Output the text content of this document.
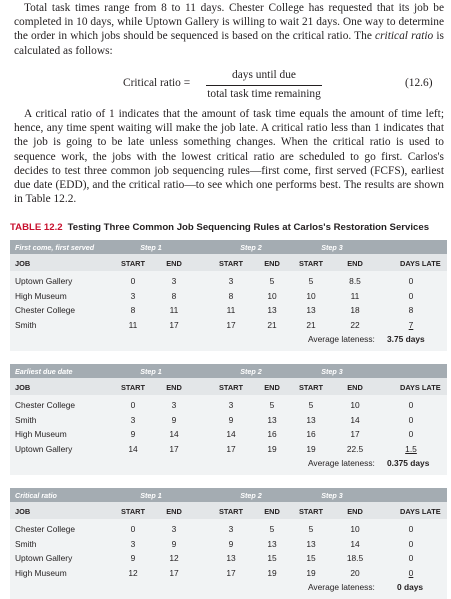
Total task times range from 8 to 11 days. Chester College has requested that its job be completed in 10 days, while Uptown Gallery is willing to wait 21 days. One way to determine the order in which jobs should be sequenced is based on the critical ratio. The critical ratio is calculated as follows:

Critical ratio =
days until due
total task time remaining
(12.6)

A critical ratio of 1 indicates that the amount of task time equals the amount of time left; hence, any time spent waiting will make the job late. A critical ratio less than 1 indicates that the job is going to be late unless something changes. When the critical ratio is used to sequence work, the jobs with the lowest critical ratio are scheduled to go first. Carlos's decides to test three common job sequencing rules—first come, first served (FCFS), earliest due date (EDD), and the critical ratio—to see which one performs best. The results are shown in Table 12.2.

TABLE 12.2 Testing Three Common Job Sequencing Rules at Carlos's Restoration Services
First come, first served	Step 1	Step 2	Step 3
JOB	START	END	START	END	START	END	DAYS LATE
Uptown Gallery	0	3	3	5	5	8.5	0
High Museum	3	8	8	10	10	11	0
Chester College	8	11	11	13	13	18	8
Smith	11	17	17	21	21	22	7
Average lateness: 3.75 days
Earliest due date	Step 1	Step 2	Step 3
JOB	START	END	START	END	START	END	DAYS LATE
Chester College	0	3	3	5	5	10	0
Smith	3	9	9	13	13	14	0
High Museum	9	14	14	16	16	17	0
Uptown Gallery	14	17	17	19	19	22.5	1.5
Average lateness: 0.375 days
Critical ratio	Step 1	Step 2	Step 3
JOB	START	END	START	END	START	END	DAYS LATE
Chester College	0	3	3	5	5	10	0
Smith	3	9	9	13	13	14	0
Uptown Gallery	9	12	13	15	15	18.5	0
High Museum	12	17	17	19	19	20	0
Average lateness:	0 days
